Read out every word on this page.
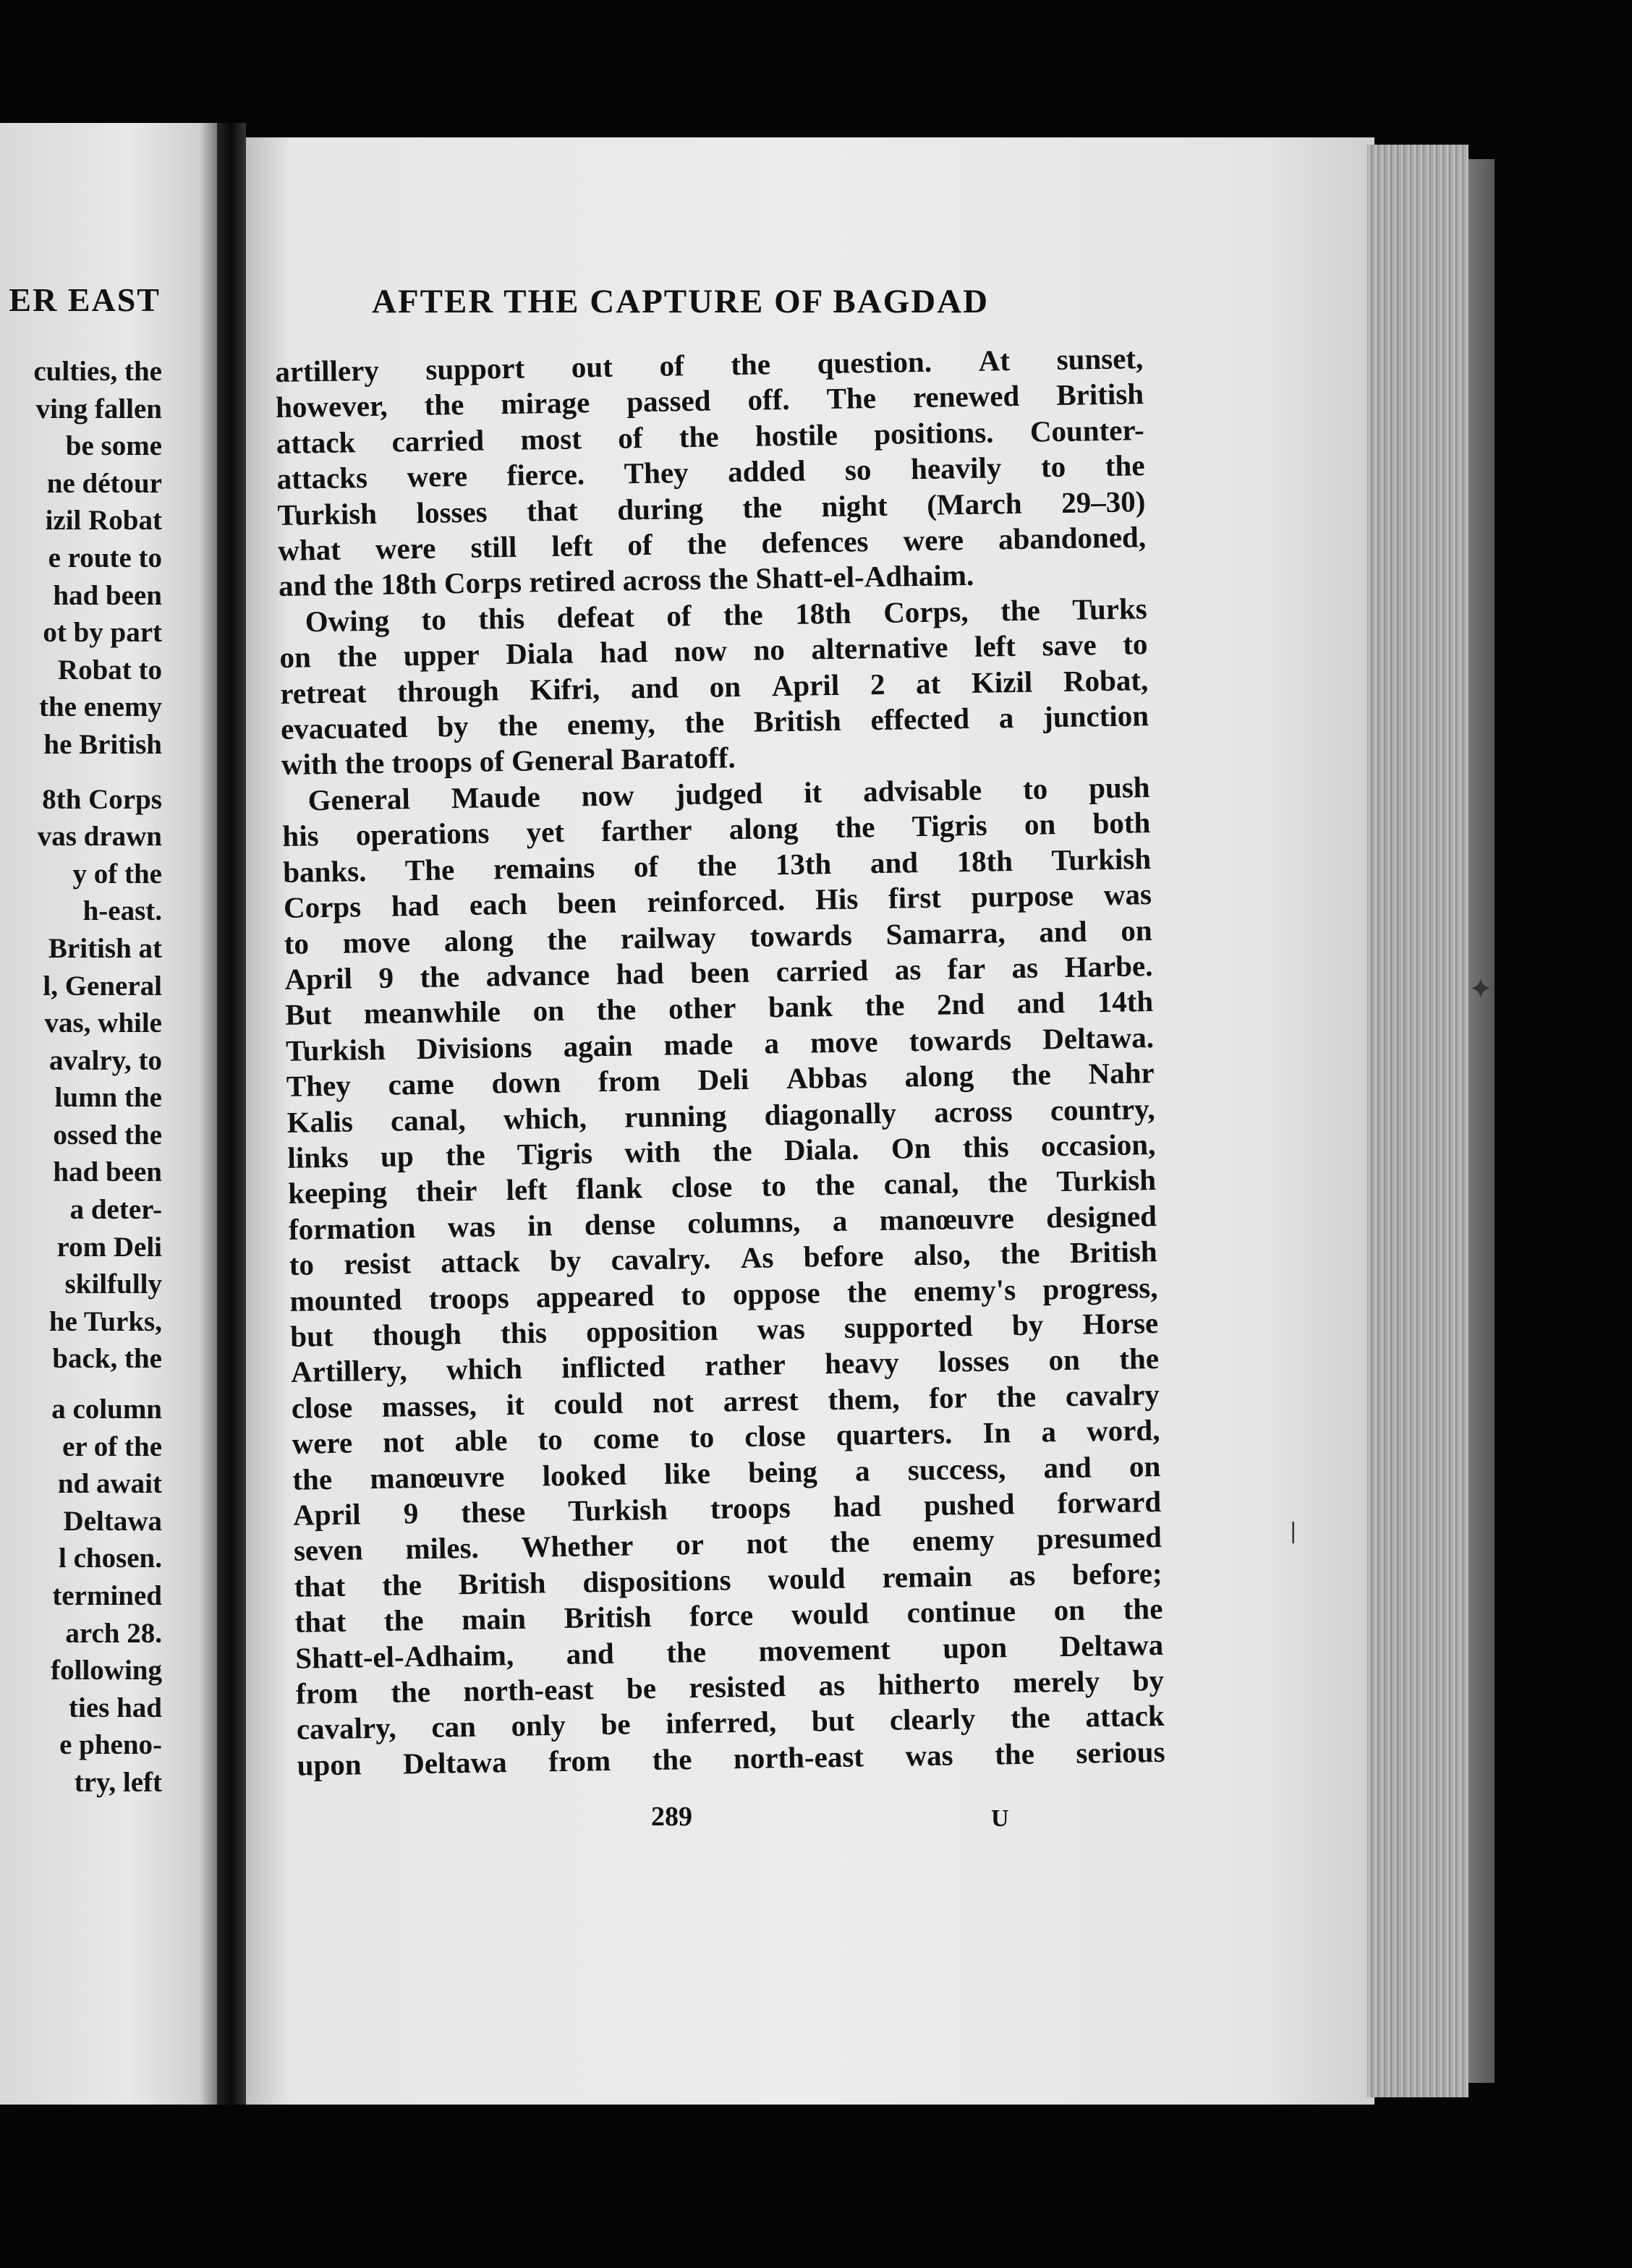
ER EAST
culties, the
ving fallen
be some
ne détour
izil Robat
e route to
had been
ot by part
Robat to
the enemy
he British
8th Corps
vas drawn
y of the
h-east.
British at
l, General
vas, while
avalry, to
lumn the
ossed the
had been
a deter-
rom Deli
skilfully
he Turks,
back, the
a column
er of the
nd await
Deltawa
l chosen.
termined
arch 28.
following
ties had
e pheno-
try, left
AFTER THE CAPTURE OF BAGDAD
artillery support out of the question. At sunset,
however, the mirage passed off. The renewed British
attack carried most of the hostile positions. Counter-
attacks were fierce. They added so heavily to the
Turkish losses that during the night (March 29–30)
what were still left of the defences were abandoned,
and the 18th Corps retired across the Shatt-el-Adhaim.
Owing to this defeat of the 18th Corps, the Turks
on the upper Diala had now no alternative left save to
retreat through Kifri, and on April 2 at Kizil Robat,
evacuated by the enemy, the British effected a junction
with the troops of General Baratoff.
General Maude now judged it advisable to push
his operations yet farther along the Tigris on both
banks. The remains of the 13th and 18th Turkish
Corps had each been reinforced. His first purpose was
to move along the railway towards Samarra, and on
April 9 the advance had been carried as far as Harbe.
But meanwhile on the other bank the 2nd and 14th
Turkish Divisions again made a move towards Deltawa.
They came down from Deli Abbas along the Nahr
Kalis canal, which, running diagonally across country,
links up the Tigris with the Diala. On this occasion,
keeping their left flank close to the canal, the Turkish
formation was in dense columns, a manœuvre designed
to resist attack by cavalry. As before also, the British
mounted troops appeared to oppose the enemy's progress,
but though this opposition was supported by Horse
Artillery, which inflicted rather heavy losses on the
close masses, it could not arrest them, for the cavalry
were not able to come to close quarters. In a word,
the manœuvre looked like being a success, and on
April 9 these Turkish troops had pushed forward
seven miles. Whether or not the enemy presumed
that the British dispositions would remain as before;
that the main British force would continue on the
Shatt-el-Adhaim, and the movement upon Deltawa
from the north-east be resisted as hitherto merely by
cavalry, can only be inferred, but clearly the attack
upon Deltawa from the north-east was the serious
289	U
✦
❘
